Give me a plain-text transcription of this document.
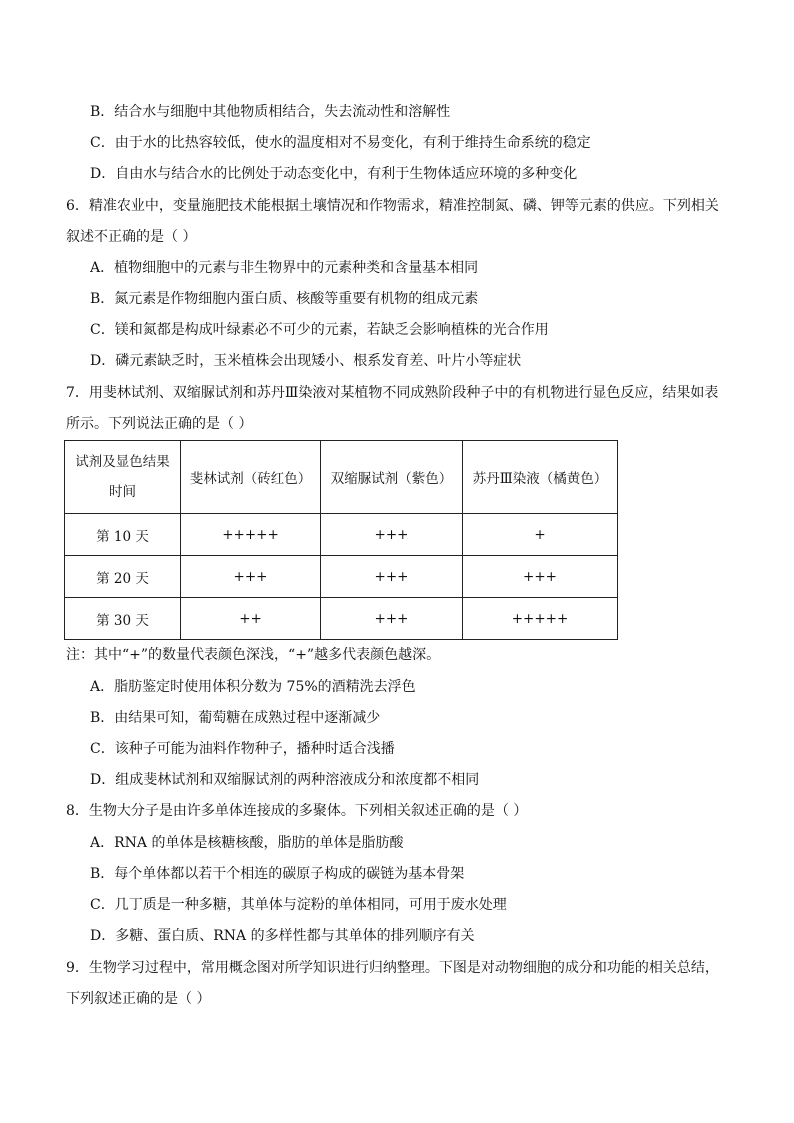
B．结合水与细胞中其他物质相结合，失去流动性和溶解性
C．由于水的比热容较低，使水的温度相对不易变化，有利于维持生命系统的稳定
D．自由水与结合水的比例处于动态变化中，有利于生物体适应环境的多种变化
6．精准农业中，变量施肥技术能根据土壤情况和作物需求，精准控制氮、磷、钾等元素的供应。下列相关
叙述不正确的是（ ）
A．植物细胞中的元素与非生物界中的元素种类和含量基本相同
B．氮元素是作物细胞内蛋白质、核酸等重要有机物的组成元素
C．镁和氮都是构成叶绿素必不可少的元素，若缺乏会影响植株的光合作用
D．磷元素缺乏时，玉米植株会出现矮小、根系发育差、叶片小等症状
7．用斐林试剂、双缩脲试剂和苏丹Ⅲ染液对某植物不同成熟阶段种子中的有机物进行显色反应，结果如表
所示。下列说法正确的是（ ）
试剂及显色结果
时间	斐林试剂（砖红色）	双缩脲试剂（紫色）	苏丹Ⅲ染液（橘黄色）
第 10 天	+++++	+++	+
第 20 天	+++	+++	+++
第 30 天	++	+++	+++++
注：其中“+”的数量代表颜色深浅，“+”越多代表颜色越深。
A．脂肪鉴定时使用体积分数为 75%的酒精洗去浮色
B．由结果可知，葡萄糖在成熟过程中逐渐减少
C．该种子可能为油料作物种子，播种时适合浅播
D．组成斐林试剂和双缩脲试剂的两种溶液成分和浓度都不相同
8．生物大分子是由许多单体连接成的多聚体。下列相关叙述正确的是（ ）
A．RNA 的单体是核糖核酸，脂肪的单体是脂肪酸
B．每个单体都以若干个相连的碳原子构成的碳链为基本骨架
C．几丁质是一种多糖，其单体与淀粉的单体相同，可用于废水处理
D．多糖、蛋白质、RNA 的多样性都与其单体的排列顺序有关
9．生物学习过程中，常用概念图对所学知识进行归纳整理。下图是对动物细胞的成分和功能的相关总结，
下列叙述正确的是（ ）
